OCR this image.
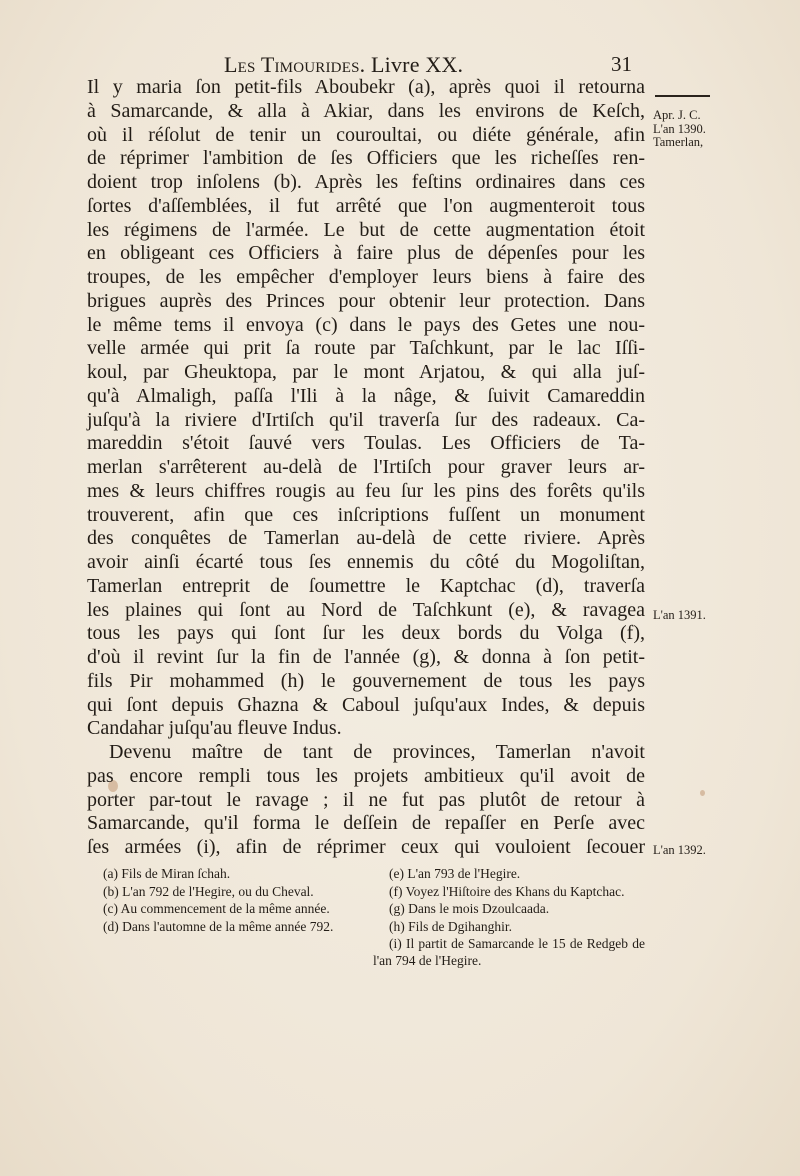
Les Timourides. Livre XX.	31
Il y maria ſon petit-fils Aboubekr (a), après quoi il retourna
à Samarcande, & alla à Akiar, dans les environs de Keſch,
où il réſolut de tenir un couroultai, ou diéte générale, afin
de réprimer l'ambition de ſes Officiers que les richeſſes ren-
doient trop inſolens (b). Après les feſtins ordinaires dans ces
ſortes d'aſſemblées, il fut arrêté que l'on augmenteroit tous
les régimens de l'armée. Le but de cette augmentation étoit
en obligeant ces Officiers à faire plus de dépenſes pour les
troupes, de les empêcher d'employer leurs biens à faire des
brigues auprès des Princes pour obtenir leur protection. Dans
le même tems il envoya (c) dans le pays des Getes une nou-
velle armée qui prit ſa route par Taſchkunt, par le lac Iſſi-
koul, par Gheuktopa, par le mont Arjatou, & qui alla juſ-
qu'à Almaligh, paſſa l'Ili à la nâge, & ſuivit Camareddin
juſqu'à la riviere d'Irtiſch qu'il traverſa ſur des radeaux. Ca-
mareddin s'étoit ſauvé vers Toulas. Les Officiers de Ta-
merlan s'arrêterent au-delà de l'Irtiſch pour graver leurs ar-
mes & leurs chiffres rougis au feu ſur les pins des forêts qu'ils
trouverent, afin que ces inſcriptions fuſſent un monument
des conquêtes de Tamerlan au-delà de cette riviere. Après
avoir ainſi écarté tous ſes ennemis du côté du Mogoliſtan,
Tamerlan entreprit de ſoumettre le Kaptchac (d), traverſa
les plaines qui ſont au Nord de Taſchkunt (e), & ravagea
tous les pays qui ſont ſur les deux bords du Volga (f),
d'où il revint ſur la fin de l'année (g), & donna à ſon petit-
fils Pir mohammed (h) le gouvernement de tous les pays
qui ſont depuis Ghazna & Caboul juſqu'aux Indes, & depuis
Candahar juſqu'au fleuve Indus.
Devenu maître de tant de provinces, Tamerlan n'avoit
pas encore rempli tous les projets ambitieux qu'il avoit de
porter par-tout le ravage ; il ne fut pas plutôt de retour à
Samarcande, qu'il forma le deſſein de repaſſer en Perſe avec
ſes armées (i), afin de réprimer ceux qui vouloient ſecouer
Apr. J. C.
L'an 1390.
Tamerlan,
L'an 1391.
L'an 1392.

(a) Fils de Miran ſchah.

(b) L'an 792 de l'Hegire, ou du Cheval.

(c) Au commencement de la même année.

(d) Dans l'automne de la même année 792.

(e) L'an 793 de l'Hegire.

(f) Voyez l'Hiſtoire des Khans du Kaptchac.

(g) Dans le mois Dzoulcaada.

(h) Fils de Dgihanghir.

(i) Il partit de Samarcande le 15 de Redgeb de l'an 794 de l'Hegire.
